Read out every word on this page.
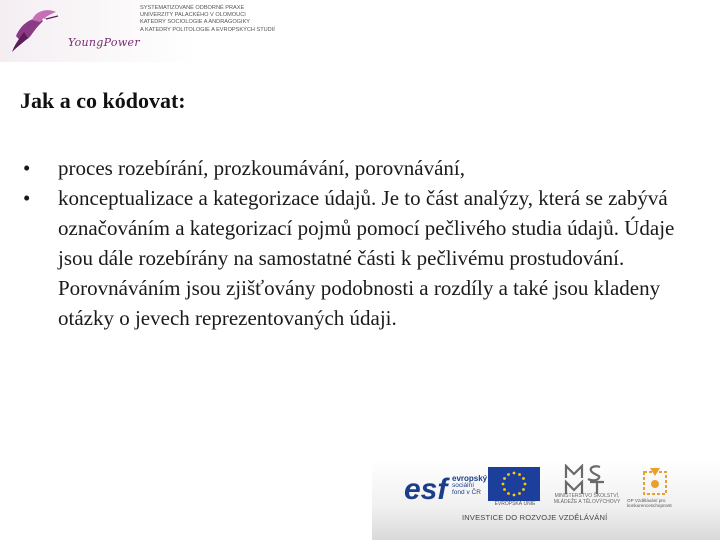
YoungPower
SYSTEMATIZOVANÉ ODBORNÉ PRAXE
UNIVERZITY PALACKÉHO V OLOMOUCI
KATEDRY SOCIOLOGIE A ANDRAGOGIKY
A KATEDRY POLITOLOGIE A EVROPSKÝCH STUDIÍ
Jak a co kódovat:
• proces rozebírání, prozkoumávání, porovnávání,
• konceptualizace a kategorizace údajů. Je to část analýzy, která se zabývá označováním a kategorizací pojmů pomocí pečlivého studia údajů. Údaje jsou dále rozebírány na samostatné části k pečlivému prostudování. Porovnáváním jsou zjišťovány podobnosti a rozdíly a také jsou kladeny otázky o jevech reprezentovaných údaji.
esf evropský
sociální
fond v ČR
EVROPSKÁ UNIE
MINISTERSTVO ŠKOLSTVÍ, MLÁDEŽE A TĚLOVÝCHOVY	OP Vzdělávání pro konkurenceschopnost
INVESTICE DO ROZVOJE VZDĚLÁVÁNÍ
